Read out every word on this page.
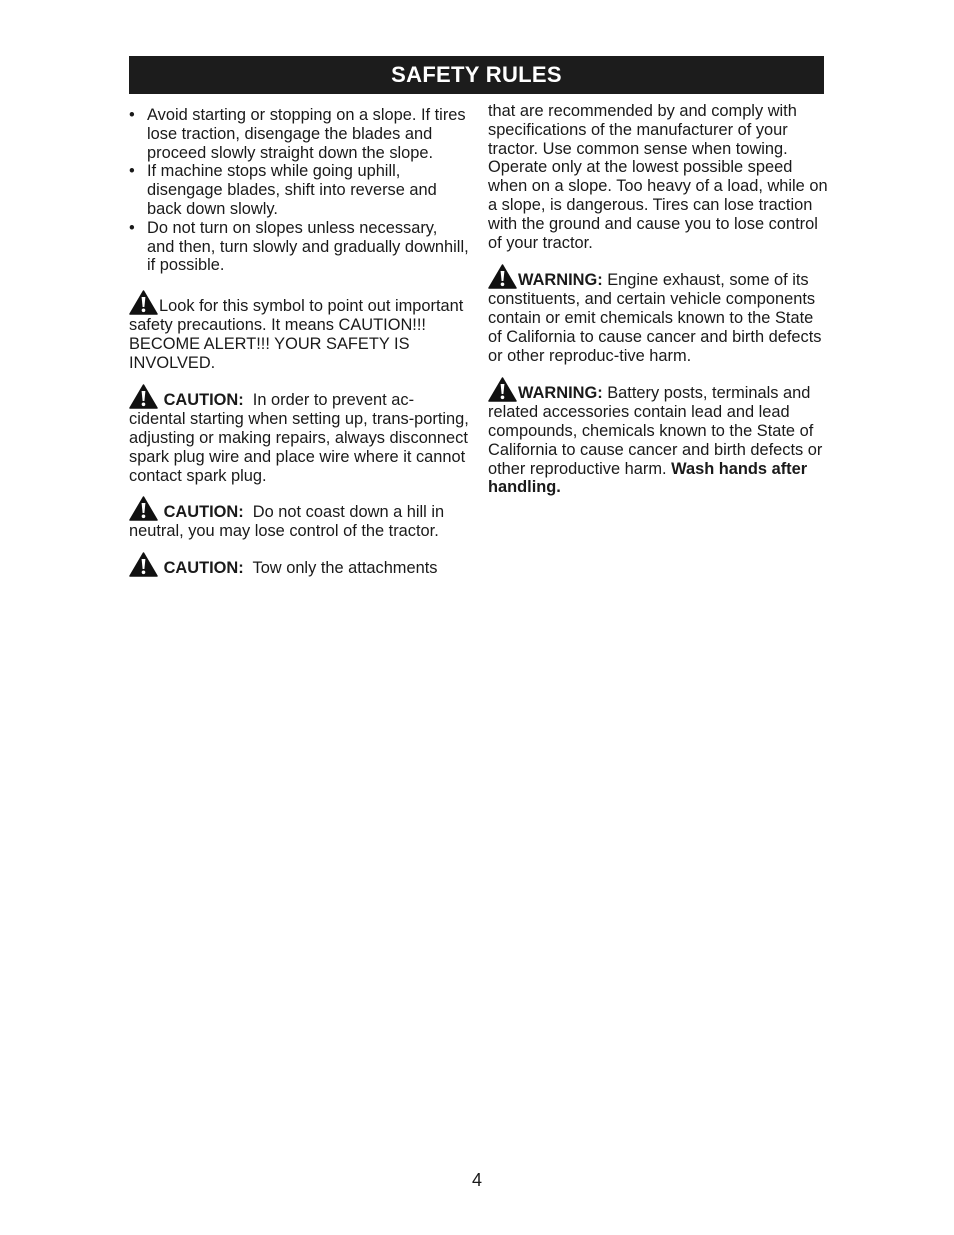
SAFETY RULES
• Avoid starting or stopping on a slope. If tires lose traction, disengage the blades and proceed slowly straight down the slope.
• If machine stops while going uphill, disengage blades, shift into reverse and back down slowly.
• Do not turn on slopes unless necessary, and then, turn slowly and gradually downhill, if possible.

Look for this symbol to point out important safety precautions. It means CAUTION!!! BECOME ALERT!!! YOUR SAFETY IS INVOLVED.

CAUTION: In order to prevent ac-cidental starting when setting up, trans-porting, adjusting or making repairs, always disconnect spark plug wire and place wire where it cannot contact spark plug.

CAUTION: Do not coast down a hill in neutral, you may lose control of the tractor.

CAUTION: Tow only the attachments

that are recommended by and comply with specifications of the manufacturer of your tractor. Use common sense when towing. Operate only at the lowest possible speed when on a slope. Too heavy of a load, while on a slope, is dangerous. Tires can lose traction with the ground and cause you to lose control of your tractor.

WARNING: Engine exhaust, some of its constituents, and certain vehicle components contain or emit chemicals known to the State of California to cause cancer and birth defects or other reproduc-tive harm.

WARNING: Battery posts, terminals and related accessories contain lead and lead compounds, chemicals known to the State of California to cause cancer and birth defects or other reproductive harm. Wash hands after handling.

4
